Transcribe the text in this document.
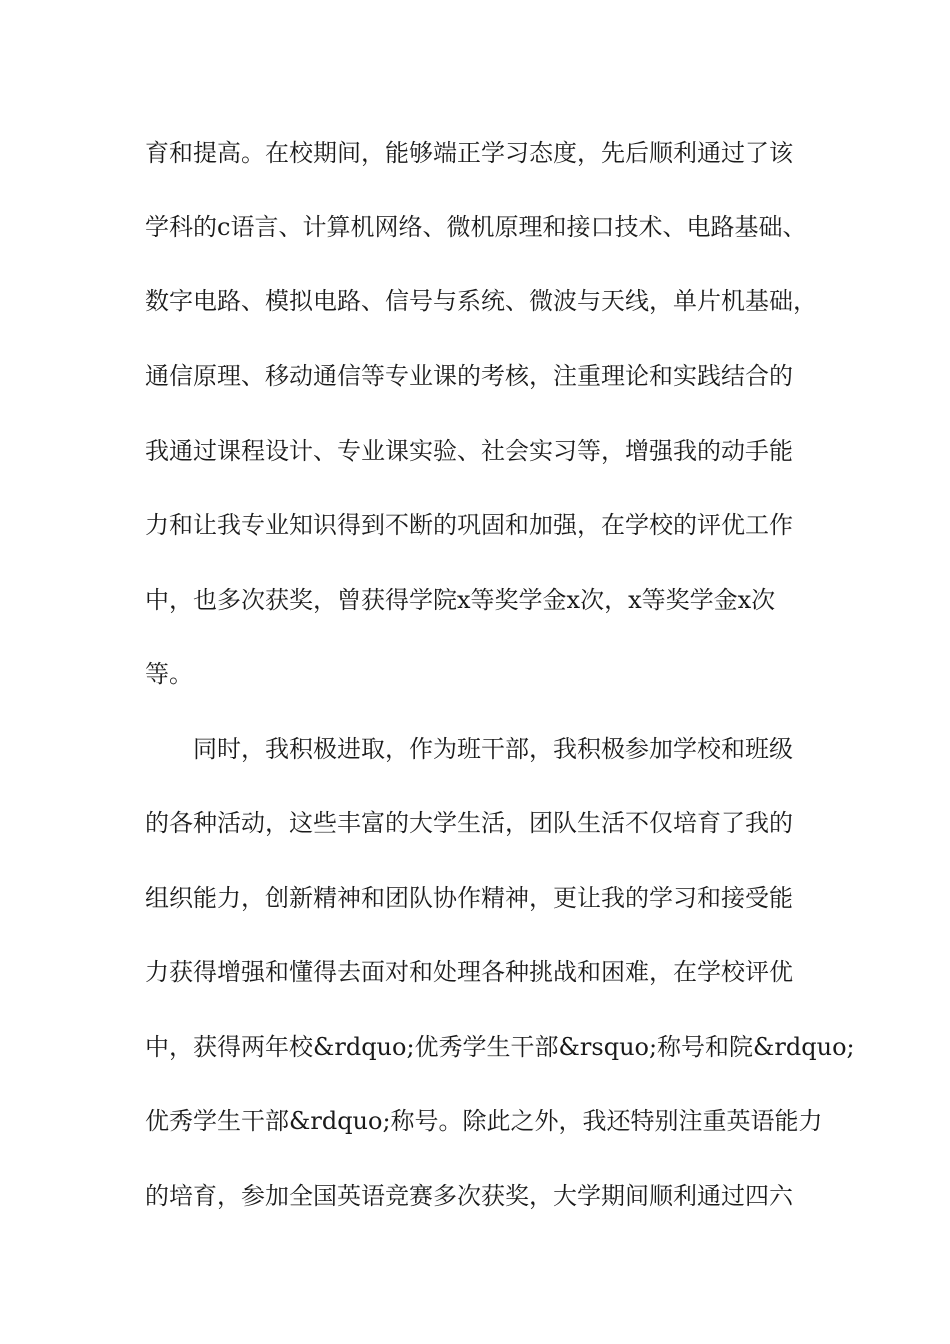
育和提高。在校期间，能够端正学习态度，先后顺利通过了该
学科的c语言、计算机网络、微机原理和接口技术、电路基础、
数字电路、模拟电路、信号与系统、微波与天线，单片机基础，
通信原理、移动通信等专业课的考核，注重理论和实践结合的
我通过课程设计、专业课实验、社会实习等，增强我的动手能
力和让我专业知识得到不断的巩固和加强，在学校的评优工作
中，也多次获奖，曾获得学院x等奖学金x次，x等奖学金x次
等。
同时，我积极进取，作为班干部，我积极参加学校和班级
的各种活动，这些丰富的大学生活，团队生活不仅培育了我的
组织能力，创新精神和团队协作精神，更让我的学习和接受能
力获得增强和懂得去面对和处理各种挑战和困难，在学校评优
中，获得两年校&rdquo;优秀学生干部&rsquo;称号和院&rdquo;
优秀学生干部&rdquo;称号。除此之外，我还特别注重英语能力
的培育，参加全国英语竞赛多次获奖，大学期间顺利通过四六
